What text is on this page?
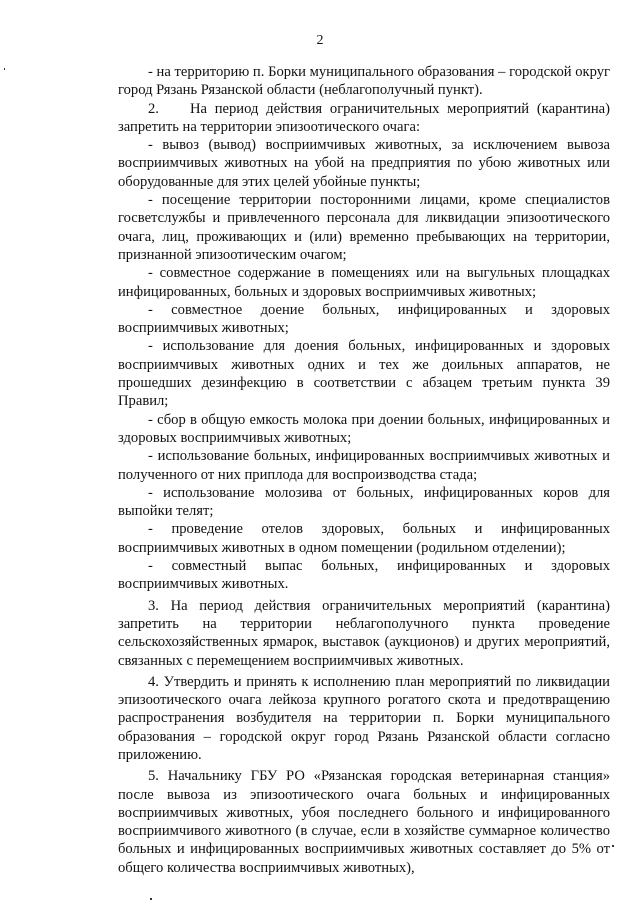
2

- на территорию п. Борки муниципального образования – городской округ город Рязань Рязанской области (неблагополучный пункт).

2.    На период действия ограничительных мероприятий (карантина) запретить на территории эпизоотического очага:

- вывоз (вывод) восприимчивых животных, за исключением вывоза восприимчивых животных на убой на предприятия по убою животных или оборудованные для этих целей убойные пункты;

- посещение территории посторонними лицами, кроме специалистов госветслужбы и привлеченного персонала для ликвидации эпизоотического очага, лиц, проживающих и (или) временно пребывающих на территории, признанной эпизоотическим очагом;

- совместное содержание в помещениях или на выгульных площадках инфицированных, больных и здоровых восприимчивых животных;

- совместное доение больных, инфицированных и здоровых восприимчивых животных;

- использование для доения больных, инфицированных и здоровых восприимчивых животных одних и тех же доильных аппаратов, не прошедших дезинфекцию в соответствии с абзацем третьим пункта 39 Правил;

- сбор в общую емкость молока при доении больных, инфицированных и здоровых восприимчивых животных;

- использование больных, инфицированных восприимчивых животных и полученного от них приплода для воспроизводства стада;

- использование молозива от больных, инфицированных коров для выпойки телят;

- проведение отелов здоровых, больных и инфицированных восприимчивых животных в одном помещении (родильном отделении);

- совместный выпас больных, инфицированных и здоровых восприимчивых животных.

3. На период действия ограничительных мероприятий (карантина) запретить на территории неблагополучного пункта проведение сельскохозяйственных ярмарок, выставок (аукционов) и других мероприятий, связанных с перемещением восприимчивых животных.

4. Утвердить и принять к исполнению план мероприятий по ликвидации эпизоотического очага лейкоза крупного рогатого скота и предотвращению распространения возбудителя на территории п. Борки муниципального образования – городской округ город Рязань Рязанской области согласно приложению.

5. Начальнику ГБУ РО «Рязанская городская ветеринарная станция» после вывоза из эпизоотического очага больных и инфицированных восприимчивых животных, убоя последнего больного и инфицированного восприимчивого животного (в случае, если в хозяйстве суммарное количество больных и инфицированных восприимчивых животных составляет до 5% от общего количества восприимчивых животных),
